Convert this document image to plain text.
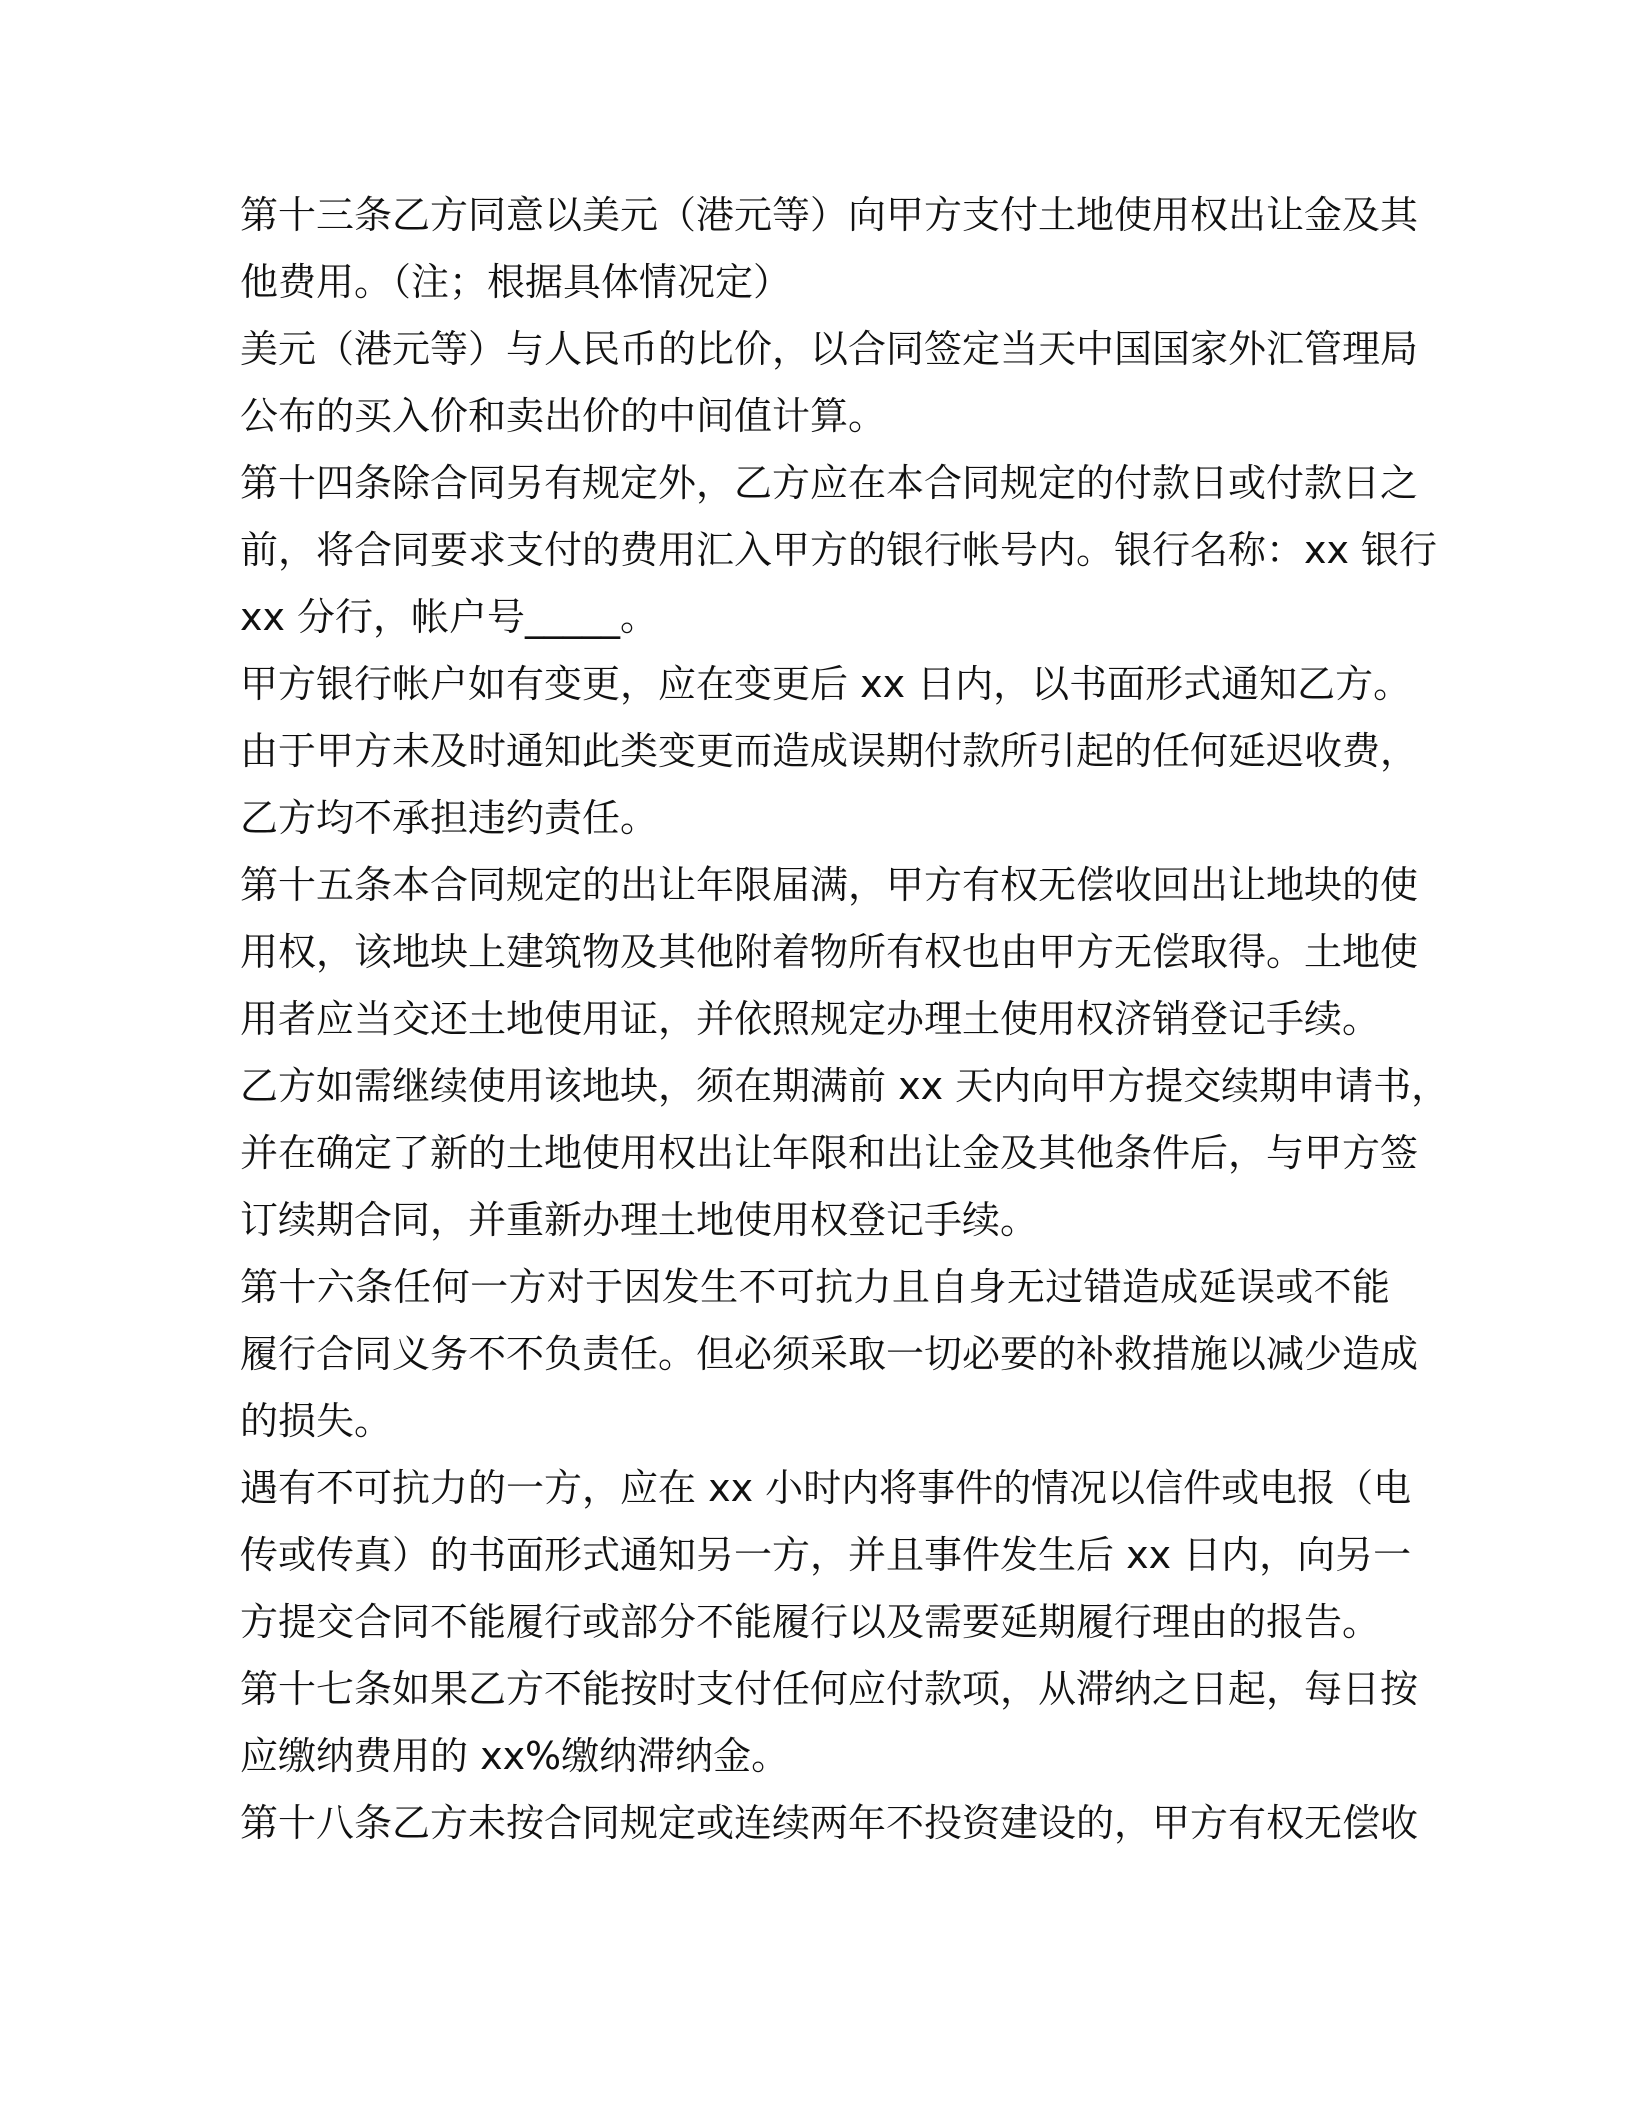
第十三条乙方同意以美元（港元等）向甲方支付土地使用权出让金及其
他费用。（注；根据具体情况定）
美元（港元等）与人民币的比价，以合同签定当天中国国家外汇管理局
公布的买入价和卖出价的中间值计算。
第十四条除合同另有规定外，乙方应在本合同规定的付款日或付款日之
前，将合同要求支付的费用汇入甲方的银行帐号内。银行名称：xx 银行
xx 分行，帐户号_____。
甲方银行帐户如有变更，应在变更后 xx 日内，以书面形式通知乙方。
由于甲方未及时通知此类变更而造成误期付款所引起的任何延迟收费，
乙方均不承担违约责任。
第十五条本合同规定的出让年限届满，甲方有权无偿收回出让地块的使
用权，该地块上建筑物及其他附着物所有权也由甲方无偿取得。土地使
用者应当交还土地使用证，并依照规定办理土使用权济销登记手续。
乙方如需继续使用该地块，须在期满前 xx 天内向甲方提交续期申请书，
并在确定了新的土地使用权出让年限和出让金及其他条件后，与甲方签
订续期合同，并重新办理土地使用权登记手续。
第十六条任何一方对于因发生不可抗力且自身无过错造成延误或不能
履行合同义务不不负责任。但必须采取一切必要的补救措施以减少造成
的损失。
遇有不可抗力的一方，应在 xx 小时内将事件的情况以信件或电报（电
传或传真）的书面形式通知另一方，并且事件发生后 xx 日内，向另一
方提交合同不能履行或部分不能履行以及需要延期履行理由的报告。
第十七条如果乙方不能按时支付任何应付款项，从滞纳之日起，每日按
应缴纳费用的 xx%缴纳滞纳金。
第十八条乙方未按合同规定或连续两年不投资建设的，甲方有权无偿收
